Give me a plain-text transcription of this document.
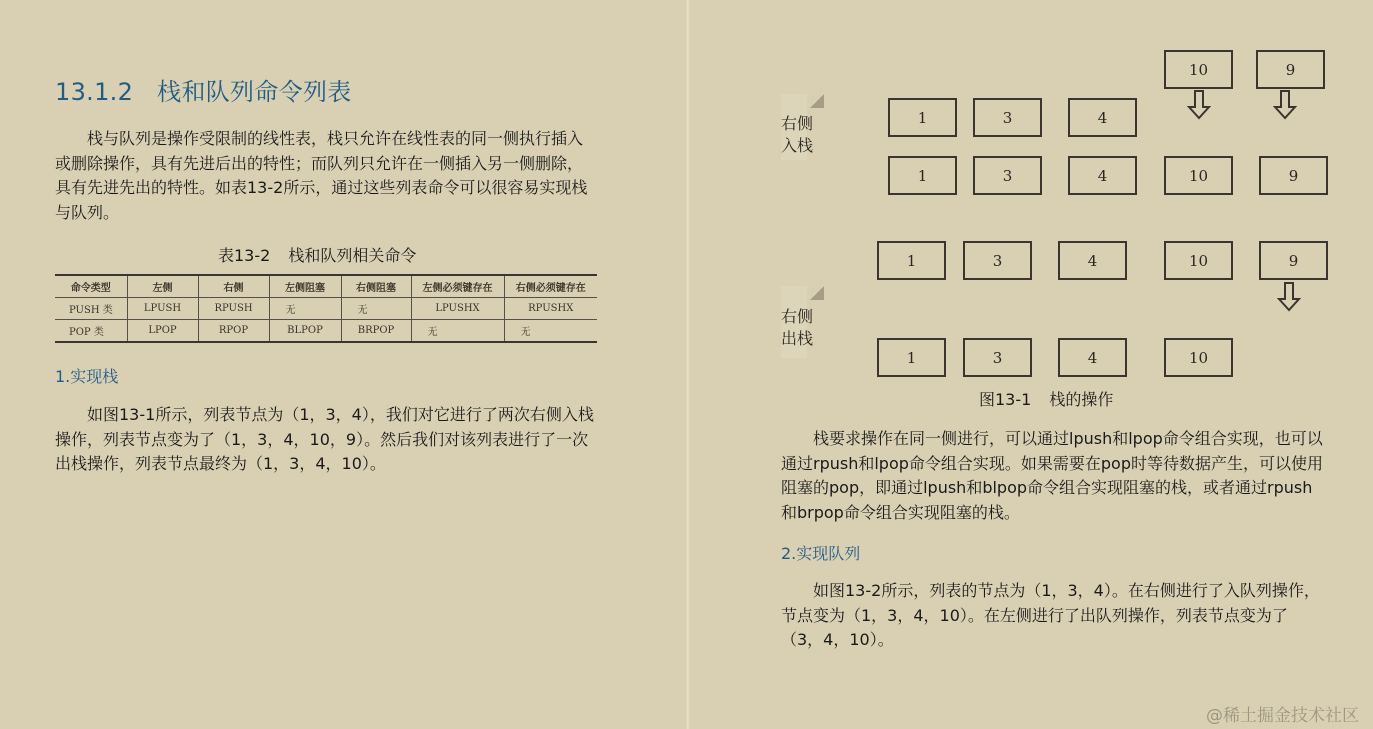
13.1.2 栈和队列命令列表

栈与队列是操作受限制的线性表，栈只允许在线性表的同一侧执行插入或删除操作，具有先进后出的特性；而队列只允许在一侧插入另一侧删除，具有先进先出的特性。如表13-2所示，通过这些列表命令可以很容易实现栈与队列。

表13-2 栈和队列相关命令
命令类型	左侧	右侧	左侧阻塞	右侧阻塞	左侧必须键存在	右侧必须键存在
PUSH 类	LPUSH	RPUSH	无	无	LPUSHX	RPUSHX
POP 类	LPOP	RPOP	BLPOP	BRPOP	无	无
1.实现栈

如图13-1所示，列表节点为（1，3，4），我们对它进行了两次右侧入栈操作，列表节点变为了（1，3，4，10，9）。然后我们对该列表进行了一次出栈操作，列表节点最终为（1，3，4，10）。

右侧
入栈
10	9
1	3	4
1	3	4	10	9
1	3	4	10	9
右侧
出栈
1	3	4	10
图13-1 栈的操作

栈要求操作在同一侧进行，可以通过lpush和lpop命令组合实现，也可以通过rpush和lpop命令组合实现。如果需要在pop时等待数据产生，可以使用阻塞的pop，即通过lpush和blpop命令组合实现阻塞的栈，或者通过rpush和brpop命令组合实现阻塞的栈。

2.实现队列

如图13-2所示，列表的节点为（1，3，4）。在右侧进行了入队列操作，节点变为（1，3，4，10）。在左侧进行了出队列操作，列表节点变为了（3，4，10）。

@稀土掘金技术社区
